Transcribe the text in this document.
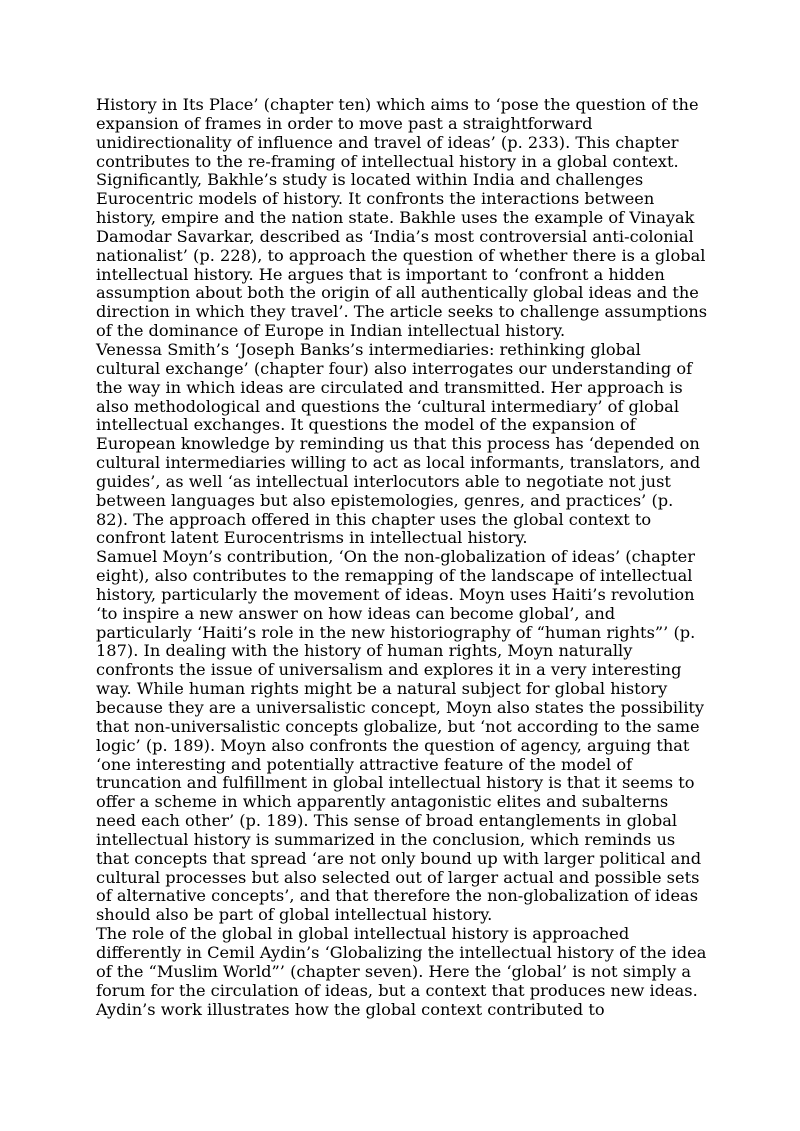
History in Its Place’ (chapter ten) which aims to ‘pose the question of the expansion of frames in order to move past a straightforward unidirectionality of influence and travel of ideas’ (p. 233). This chapter contributes to the re-framing of intellectual history in a global context. Significantly, Bakhle’s study is located within India and challenges Eurocentric models of history. It confronts the interactions between history, empire and the nation state. Bakhle uses the example of Vinayak Damodar Savarkar, described as ‘India’s most controversial anti-colonial nationalist’ (p. 228), to approach the question of whether there is a global intellectual history. He argues that is important to ‘confront a hidden assumption about both the origin of all authentically global ideas and the direction in which they travel’. The article seeks to challenge assumptions of the dominance of Europe in Indian intellectual history.

Venessa Smith’s ‘Joseph Banks’s intermediaries: rethinking global cultural exchange’ (chapter four) also interrogates our understanding of the way in which ideas are circulated and transmitted. Her approach is also methodological and questions the ‘cultural intermediary’ of global intellectual exchanges. It questions the model of the expansion of European knowledge by reminding us that this process has ‘depended on cultural intermediaries willing to act as local informants, translators, and guides’, as well ‘as intellectual interlocutors able to negotiate not just between languages but also epistemologies, genres, and practices’ (p. 82). The approach offered in this chapter uses the global context to confront latent Eurocentrisms in intellectual history.

Samuel Moyn’s contribution, ‘On the non-globalization of ideas’ (chapter eight), also contributes to the remapping of the landscape of intellectual history, particularly the movement of ideas. Moyn uses Haiti’s revolution ‘to inspire a new answer on how ideas can become global’, and particularly ‘Haiti’s role in the new historiography of “human rights”’ (p. 187). In dealing with the history of human rights, Moyn naturally confronts the issue of universalism and explores it in a very interesting way. While human rights might be a natural subject for global history because they are a universalistic concept, Moyn also states the possibility that non-universalistic concepts globalize, but ‘not according to the same logic’ (p. 189). Moyn also confronts the question of agency, arguing that ‘one interesting and potentially attractive feature of the model of truncation and fulfillment in global intellectual history is that it seems to offer a scheme in which apparently antagonistic elites and subalterns need each other’ (p. 189). This sense of broad entanglements in global intellectual history is summarized in the conclusion, which reminds us that concepts that spread ‘are not only bound up with larger political and cultural processes but also selected out of larger actual and possible sets of alternative concepts’, and that therefore the non-globalization of ideas should also be part of global intellectual history.

The role of the global in global intellectual history is approached differently in Cemil Aydin’s ‘Globalizing the intellectual history of the idea of the “Muslim World”’ (chapter seven). Here the ‘global’ is not simply a forum for the circulation of ideas, but a context that produces new ideas. Aydin’s work illustrates how the global context contributed to
